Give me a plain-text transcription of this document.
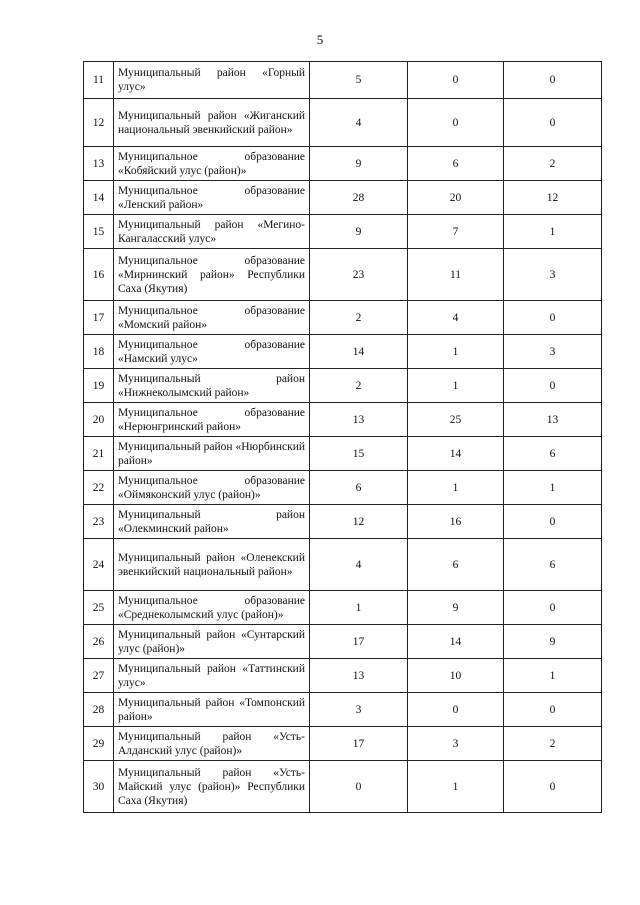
5
11	Муниципальный район «Горный улус»	5	0	0
12	Муниципальный район «Жиганский национальный эвенкийский район»	4	0	0
13	Муниципальное образование «Кобяйский улус (район)»	9	6	2
14	Муниципальное образование «Ленский район»	28	20	12
15	Муниципальный район «Мегино-Кангаласский улус»	9	7	1
16	Муниципальное образование «Мирнинский район» Республики Саха (Якутия)	23	11	3
17	Муниципальное образование «Момский район»	2	4	0
18	Муниципальное образование «Намский улус»	14	1	3
19	Муниципальный район «Нижнеколымский район»	2	1	0
20	Муниципальное образование «Нерюнгринский район»	13	25	13
21	Муниципальный район «Нюрбинский район»	15	14	6
22	Муниципальное образование «Оймяконский улус (район)»	6	1	1
23	Муниципальный район «Олекминский район»	12	16	0
24	Муниципальный район «Оленекский эвенкийский национальный район»	4	6	6
25	Муниципальное образование «Среднеколымский улус (район)»	1	9	0
26	Муниципальный район «Сунтарский улус (район)»	17	14	9
27	Муниципальный район «Таттинский улус»	13	10	1
28	Муниципальный район «Томпонский район»	3	0	0
29	Муниципальный район «Усть-Алданский улус (район)»	17	3	2
30	Муниципальный район «Усть-Майский улус (район)» Республики Саха (Якутия)	0	1	0
